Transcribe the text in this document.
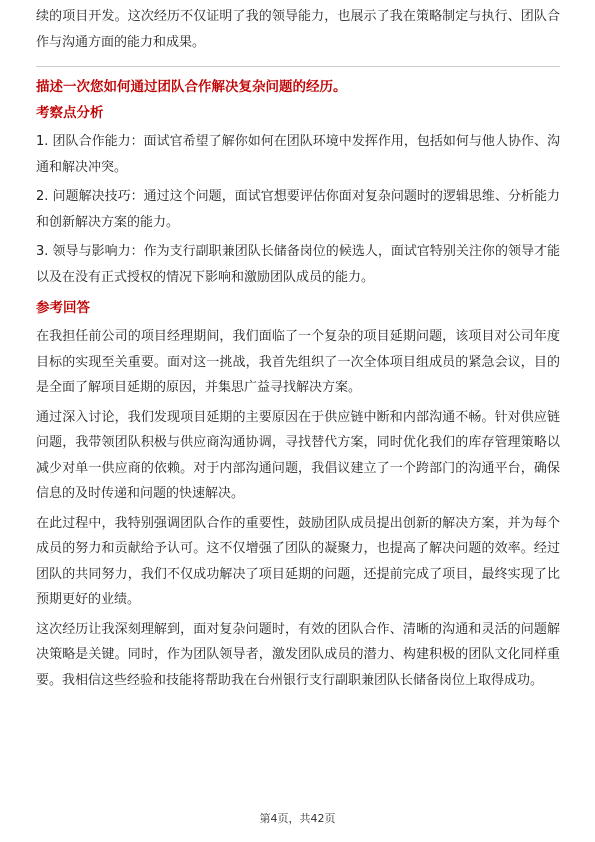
续的项目开发。这次经历不仅证明了我的领导能力，也展示了我在策略制定与执行、团队合作与沟通方面的能力和成果。

描述一次您如何通过团队合作解决复杂问题的经历。
考察点分析

1. 团队合作能力：面试官希望了解你如何在团队环境中发挥作用，包括如何与他人协作、沟通和解决冲突。

2. 问题解决技巧：通过这个问题，面试官想要评估你面对复杂问题时的逻辑思维、分析能力和创新解决方案的能力。

3. 领导与影响力：作为支行副职兼团队长储备岗位的候选人，面试官特别关注你的领导才能以及在没有正式授权的情况下影响和激励团队成员的能力。

参考回答

在我担任前公司的项目经理期间，我们面临了一个复杂的项目延期问题，该项目对公司年度目标的实现至关重要。面对这一挑战，我首先组织了一次全体项目组成员的紧急会议，目的是全面了解项目延期的原因，并集思广益寻找解决方案。

通过深入讨论，我们发现项目延期的主要原因在于供应链中断和内部沟通不畅。针对供应链问题，我带领团队积极与供应商沟通协调，寻找替代方案，同时优化我们的库存管理策略以减少对单一供应商的依赖。对于内部沟通问题，我倡议建立了一个跨部门的沟通平台，确保信息的及时传递和问题的快速解决。

在此过程中，我特别强调团队合作的重要性，鼓励团队成员提出创新的解决方案，并为每个成员的努力和贡献给予认可。这不仅增强了团队的凝聚力，也提高了解决问题的效率。经过团队的共同努力，我们不仅成功解决了项目延期的问题，还提前完成了项目，最终实现了比预期更好的业绩。

这次经历让我深刻理解到，面对复杂问题时，有效的团队合作、清晰的沟通和灵活的问题解决策略是关键。同时，作为团队领导者，激发团队成员的潜力、构建积极的团队文化同样重要。我相信这些经验和技能将帮助我在台州银行支行副职兼团队长储备岗位上取得成功。

第4页，共42页
